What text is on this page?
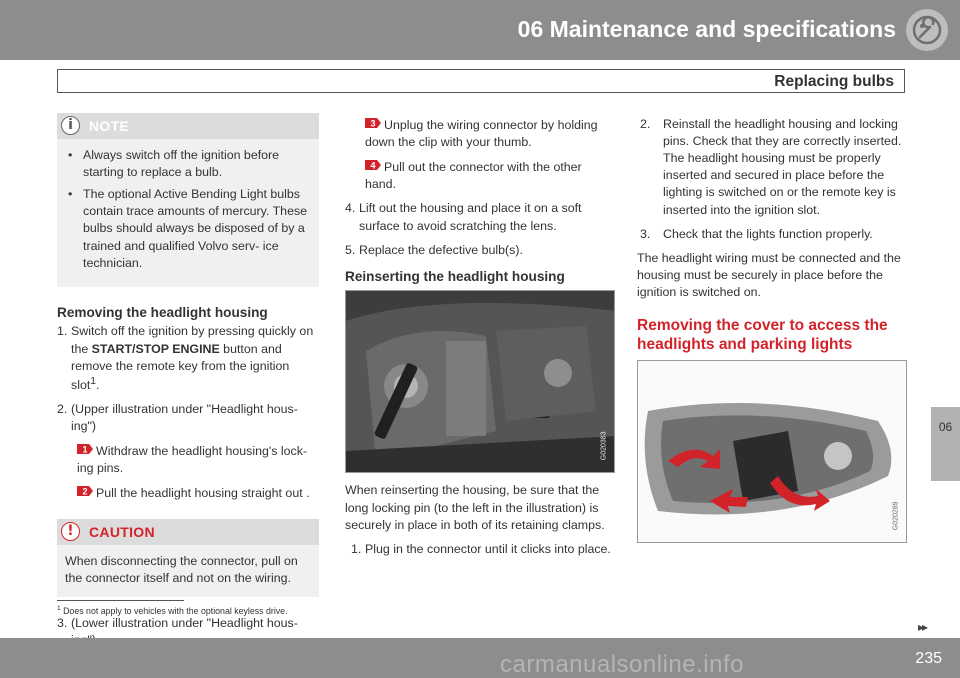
06 Maintenance and specifications
Replacing bulbs
06
i	NOTE
• Always switch off the ignition before starting to replace a bulb.
• The optional Active Bending Light bulbs contain trace amounts of mercury. These bulbs should always be disposed of by a trained and qualified Volvo serv- ice technician.
Removing the headlight housing
1. Switch off the ignition by pressing quickly on the START/STOP ENGINE button and remove the remote key from the ignition slot$^1$.
2. (Upper illustration under "Headlight hous- ing")
1 Withdraw the headlight housing's lock- ing pins.
2 Pull the headlight housing straight out .
!	CAUTION
When disconnecting the connector, pull on the connector itself and not on the wiring.
3. (Lower illustration under "Headlight hous-
3 Unplug the wiring connector by holding down the clip with your thumb.
4 Pull out the connector with the other hand.
4. Lift out the housing and place it on a soft surface to avoid scratching the lens.
5. Replace the defective bulb(s).
Reinserting the headlight housing
G020383
When reinserting the housing, be sure that the long locking pin (to the left in the illustration) is securely in place in both of its retaining clamps.
1. Plug in the connector until it clicks into place.
2. Reinstall the headlight housing and locking pins. Check that they are correctly inserted. The headlight housing must be properly inserted and secured in place before the lighting is switched on or the remote key is inserted into the ignition slot.
3. Check that the lights function properly.
The headlight wiring must be connected and the housing must be securely in place before the ignition is switched on.
Removing the cover to access the headlights and parking lights
G020289
$^1$ Does not apply to vehicles with the optional keyless drive.
▸▸
235
carmanualsonline.info
